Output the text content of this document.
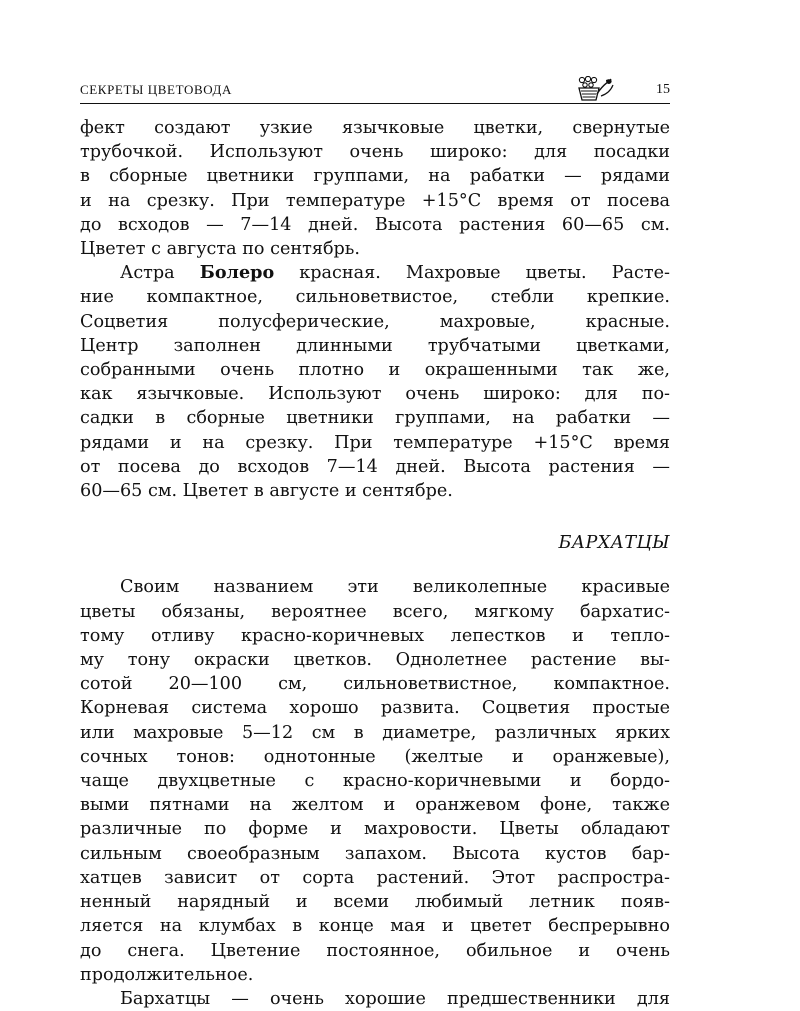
СЕКРЕТЫ ЦВЕТОВОДА	15

фект создают узкие язычковые цветки, свернутые
трубочкой. Используют очень широко: для посадки
в сборные цветники группами, на рабатки — рядами
и на срезку. При температуре +15°С время от посева
до всходов — 7—14 дней. Высота растения 60—65 см.
Цветет с августа по сентябрь.

Астра Болеро красная. Махровые цветы. Расте-
ние компактное, сильноветвистое, стебли крепкие.
Соцветия полусферические, махровые, красные.
Центр заполнен длинными трубчатыми цветками,
собранными очень плотно и окрашенными так же,
как язычковые. Используют очень широко: для по-
садки в сборные цветники группами, на рабатки —
рядами и на срезку. При температуре +15°С время
от посева до всходов 7—14 дней. Высота растения —
60—65 см. Цветет в августе и сентябре.

БАРХАТЦЫ

Своим названием эти великолепные красивые
цветы обязаны, вероятнее всего, мягкому бархатис-
тому отливу красно-коричневых лепестков и тепло-
му тону окраски цветков. Однолетнее растение вы-
сотой 20—100 см, сильноветвистное, компактное.
Корневая система хорошо развита. Соцветия простые
или махровые 5—12 см в диаметре, различных ярких
сочных тонов: однотонные (желтые и оранжевые),
чаще двухцветные с красно-коричневыми и бордо-
выми пятнами на желтом и оранжевом фоне, также
различные по форме и махровости. Цветы обладают
сильным своеобразным запахом. Высота кустов бар-
хатцев зависит от сорта растений. Этот распростра-
ненный нарядный и всеми любимый летник появ-
ляется на клумбах в конце мая и цветет беспрерывно
до снега. Цветение постоянное, обильное и очень
продолжительное.

Бархатцы — очень хорошие предшественники для
